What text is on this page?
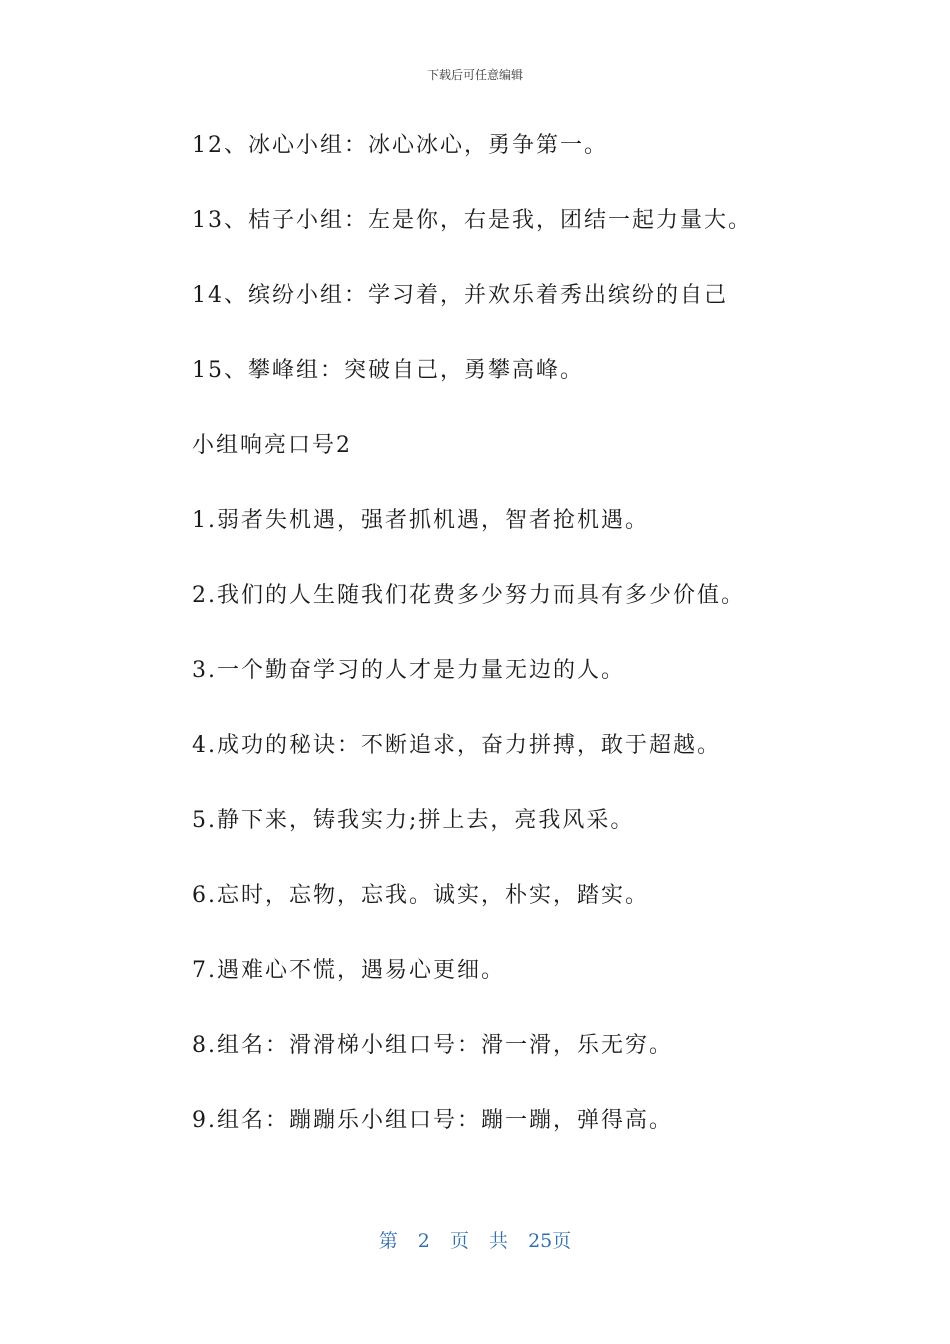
下载后可任意编辑
12、冰心小组：冰心冰心，勇争第一。
13、桔子小组：左是你，右是我，团结一起力量大。
14、缤纷小组：学习着，并欢乐着秀出缤纷的自己
15、攀峰组：突破自己，勇攀高峰。
小组响亮口号2
1.弱者失机遇，强者抓机遇，智者抢机遇。
2.我们的人生随我们花费多少努力而具有多少价值。
3.一个勤奋学习的人才是力量无边的人。
4.成功的秘诀：不断追求，奋力拼搏，敢于超越。
5.静下来，铸我实力;拼上去，亮我风采。
6.忘时，忘物，忘我。诚实，朴实，踏实。
7.遇难心不慌，遇易心更细。
8.组名：滑滑梯小组口号：滑一滑，乐无穷。
9.组名：蹦蹦乐小组口号：蹦一蹦，弹得高。
第 2 页 共 25页
